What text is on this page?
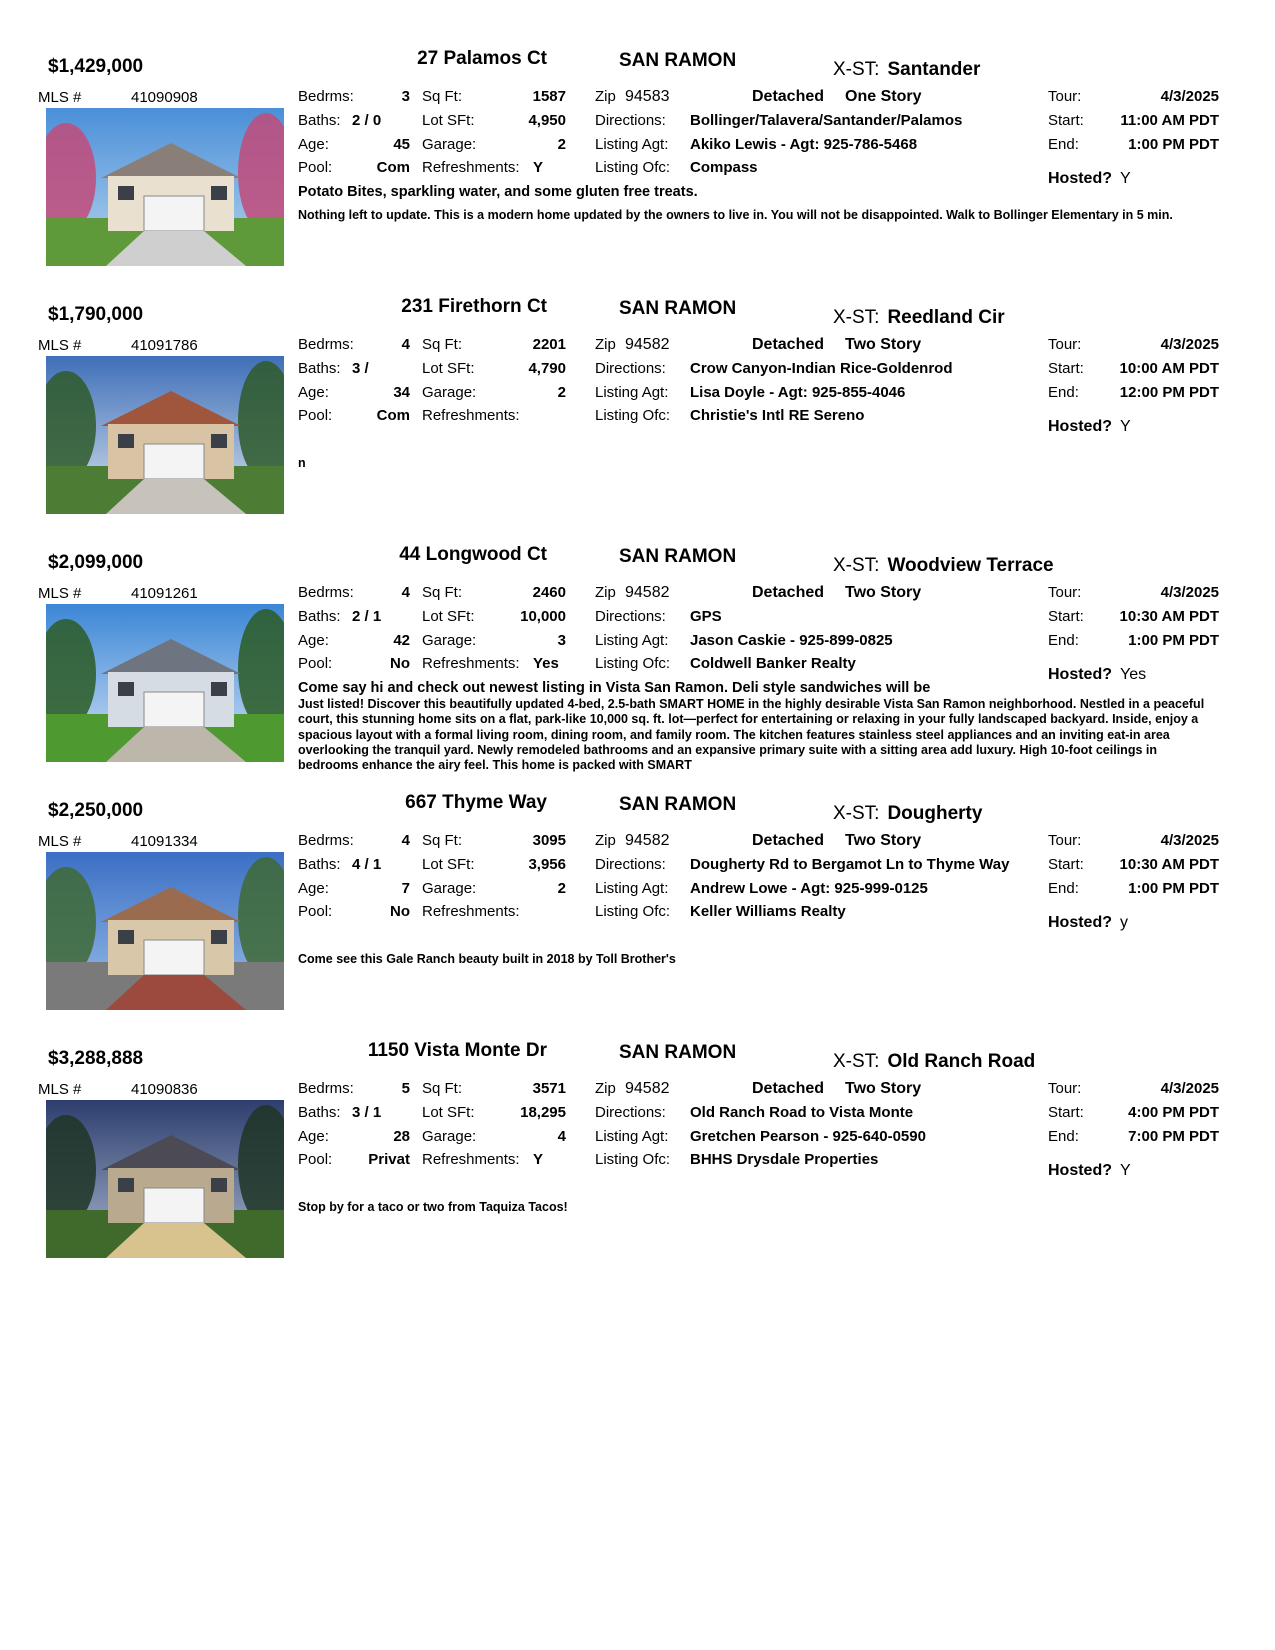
$1,429,000	27 Palamos Ct	SAN RAMON	X-ST: Santander
MLS #	41090908	Bedrms:	3 Sq Ft:	1587
Baths: 2 / 0	Lot SFt:	4,950
Age:	45 Garage:	2
Pool:	Com Refreshments: Y
Zip 94583	Detached One Story
Directions: Bollinger/Talavera/Santander/Palamos
Listing Agt: Akiko Lewis - Agt: 925-786-5468
Listing Ofc: Compass
Tour:	4/3/2025
Start: 11:00 AM PDT
End:	1:00 PM PDT
Hosted? Y
Potato Bites, sparkling water, and some gluten free treats.
Nothing left to update. This is a modern home updated by the owners to live in. You will not be disappointed. Walk to Bollinger Elementary in 5 min.
$1,790,000	231 Firethorn Ct	SAN RAMON	X-ST: Reedland Cir
MLS #	41091786	Bedrms:	4 Sq Ft:	2201
Baths: 3 /	Lot SFt:	4,790
Age:	34 Garage:	2
Pool:	Com Refreshments:
Zip 94582	Detached Two Story
Directions: Crow Canyon-Indian Rice-Goldenrod
Listing Agt: Lisa Doyle - Agt: 925-855-4046
Listing Ofc: Christie's Intl RE Sereno
Tour:	4/3/2025
Start: 10:00 AM PDT
End:	12:00 PM PDT
Hosted? Y
n
$2,099,000	44 Longwood Ct	SAN RAMON	X-ST: Woodview Terrace
MLS #	41091261	Bedrms:	4 Sq Ft:	2460
Baths: 2 / 1	Lot SFt:	10,000
Age:	42 Garage:	3
Pool:	No Refreshments: Yes
Zip 94582	Detached Two Story
Directions: GPS
Listing Agt: Jason Caskie - 925-899-0825
Listing Ofc: Coldwell Banker Realty
Tour:	4/3/2025
Start: 10:30 AM PDT
End:	1:00 PM PDT
Hosted? Yes
Come say hi and check out newest listing in Vista San Ramon. Deli style sandwiches will be
Just listed! Discover this beautifully updated 4-bed, 2.5-bath SMART HOME in the highly desirable Vista San Ramon neighborhood. Nestled in a peaceful court, this stunning home sits on a flat, park-like 10,000 sq. ft. lot—perfect for entertaining or relaxing in your fully landscaped backyard. Inside, enjoy a spacious layout with a formal living room, dining room, and family room. The kitchen features stainless steel appliances and an inviting eat-in area overlooking the tranquil yard. Newly remodeled bathrooms and an expansive primary suite with a sitting area add luxury. High 10-foot ceilings in bedrooms enhance the airy feel. This home is packed with SMART
$2,250,000	667 Thyme Way	SAN RAMON	X-ST: Dougherty
MLS #	41091334	Bedrms:	4 Sq Ft:	3095
Baths: 4 / 1	Lot SFt:	3,956
Age:	7 Garage:	2
Pool:	No Refreshments:
Zip 94582	Detached Two Story
Directions: Dougherty Rd to Bergamot Ln to Thyme Way
Listing Agt: Andrew Lowe - Agt: 925-999-0125
Listing Ofc: Keller Williams Realty
Tour:	4/3/2025
Start: 10:30 AM PDT
End:	1:00 PM PDT
Hosted? y
Come see this Gale Ranch beauty built in 2018 by Toll Brother's
$3,288,888	1150 Vista Monte Dr	SAN RAMON	X-ST: Old Ranch Road
MLS #	41090836	Bedrms:	5 Sq Ft:	3571
Baths: 3 / 1	Lot SFt:	18,295
Age:	28 Garage:	4
Pool:	Privat Refreshments: Y
Zip 94582	Detached Two Story
Directions: Old Ranch Road to Vista Monte
Listing Agt: Gretchen Pearson - 925-640-0590
Listing Ofc: BHHS Drysdale Properties
Tour:	4/3/2025
Start:	4:00 PM PDT
End:	7:00 PM PDT
Hosted? Y
Stop by for a taco or two from Taquiza Tacos!
